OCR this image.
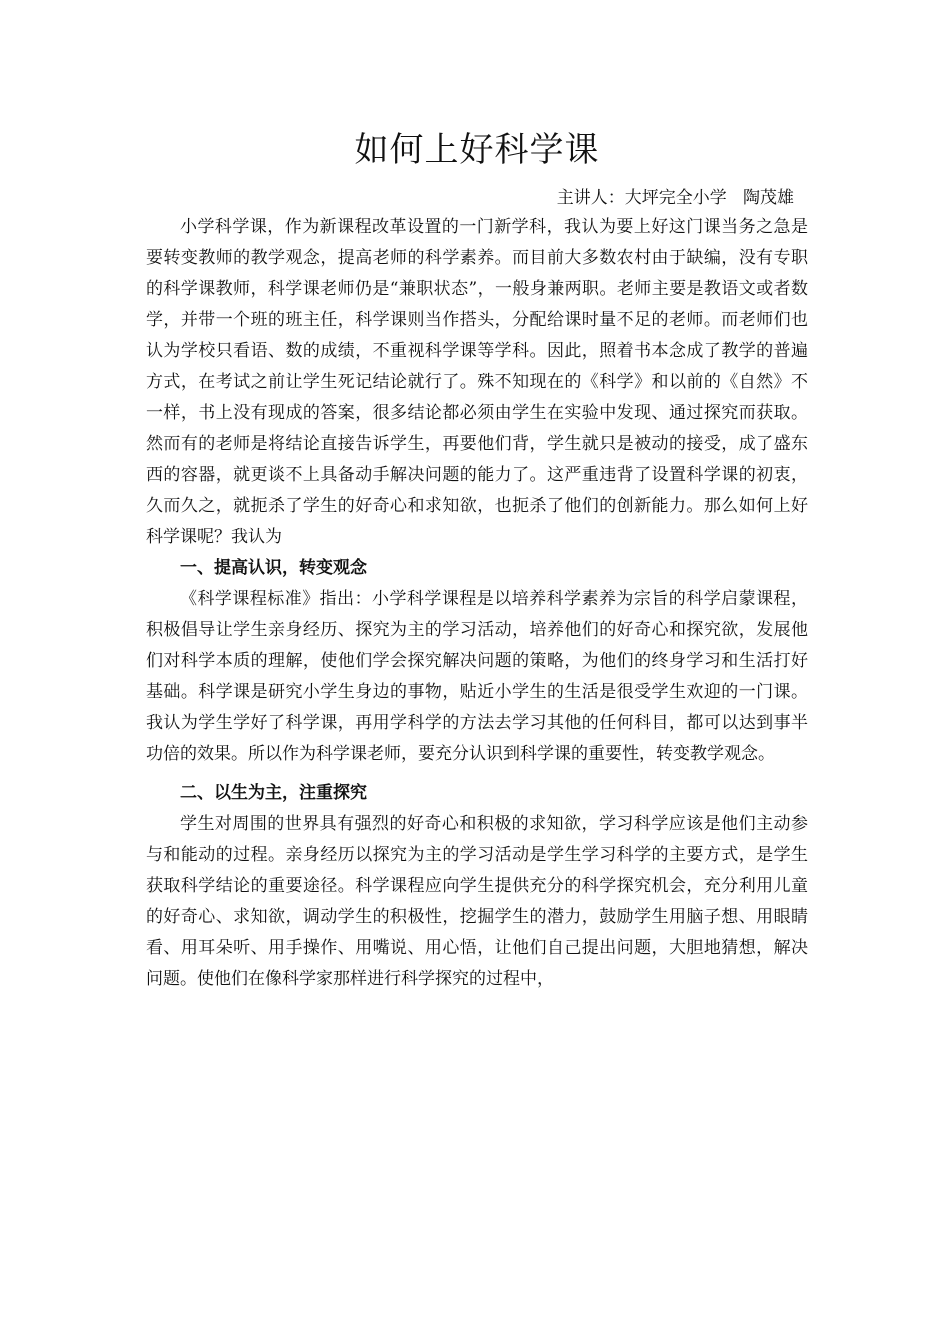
如何上好科学课

主讲人：大坪完全小学   陶茂雄

小学科学课，作为新课程改革设置的一门新学科，我认为要上好这门课当务之急是要转变教师的教学观念，提高老师的科学素养。而目前大多数农村由于缺编，没有专职的科学课教师，科学课老师仍是“兼职状态”，一般身兼两职。老师主要是教语文或者数学，并带一个班的班主任，科学课则当作搭头，分配给课时量不足的老师。而老师们也认为学校只看语、数的成绩，不重视科学课等学科。因此，照着书本念成了教学的普遍方式，在考试之前让学生死记结论就行了。殊不知现在的《科学》和以前的《自然》不一样，书上没有现成的答案，很多结论都必须由学生在实验中发现、通过探究而获取。然而有的老师是将结论直接告诉学生，再要他们背，学生就只是被动的接受，成了盛东西的容器，就更谈不上具备动手解决问题的能力了。这严重违背了设置科学课的初衷，久而久之，就扼杀了学生的好奇心和求知欲，也扼杀了他们的创新能力。那么如何上好科学课呢？我认为

一、提高认识，转变观念

《科学课程标准》指出：小学科学课程是以培养科学素养为宗旨的科学启蒙课程，积极倡导让学生亲身经历、探究为主的学习活动，培养他们的好奇心和探究欲，发展他们对科学本质的理解，使他们学会探究解决问题的策略，为他们的终身学习和生活打好基础。科学课是研究小学生身边的事物，贴近小学生的生活是很受学生欢迎的一门课。我认为学生学好了科学课，再用学科学的方法去学习其他的任何科目，都可以达到事半功倍的效果。所以作为科学课老师，要充分认识到科学课的重要性，转变教学观念。

二、以生为主，注重探究

学生对周围的世界具有强烈的好奇心和积极的求知欲，学习科学应该是他们主动参与和能动的过程。亲身经历以探究为主的学习活动是学生学习科学的主要方式，是学生获取科学结论的重要途径。科学课程应向学生提供充分的科学探究机会，充分利用儿童的好奇心、求知欲，调动学生的积极性，挖掘学生的潜力，鼓励学生用脑子想、用眼睛看、用耳朵听、用手操作、用嘴说、用心悟，让他们自己提出问题，大胆地猜想，解决问题。使他们在像科学家那样进行科学探究的过程中，
